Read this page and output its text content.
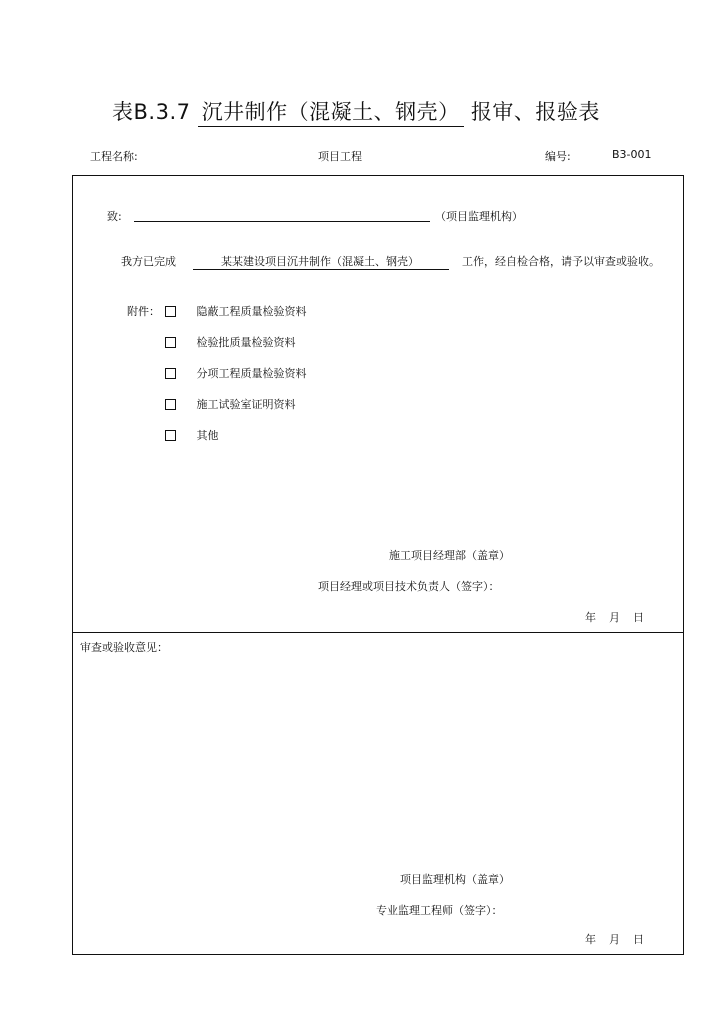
表B.3.7 沉井制作（混凝土、钢壳） 报审、报验表
工程名称:	项目工程	编号:	B3-001
致:
	（项目监理机构）
我方已完成	某某建设项目沉井制作（混凝土、钢壳）	工作，经自检合格，请予以审查或验收。
附件：	隐蔽工程质量检验资料
检验批质量检验资料
分项工程质量检验资料
施工试验室证明资料
其他
施工项目经理部（盖章）
项目经理或项目技术负责人（签字）：
年 月 日
审查或验收意见：
项目监理机构（盖章）
专业监理工程师（签字）：
年 月 日
